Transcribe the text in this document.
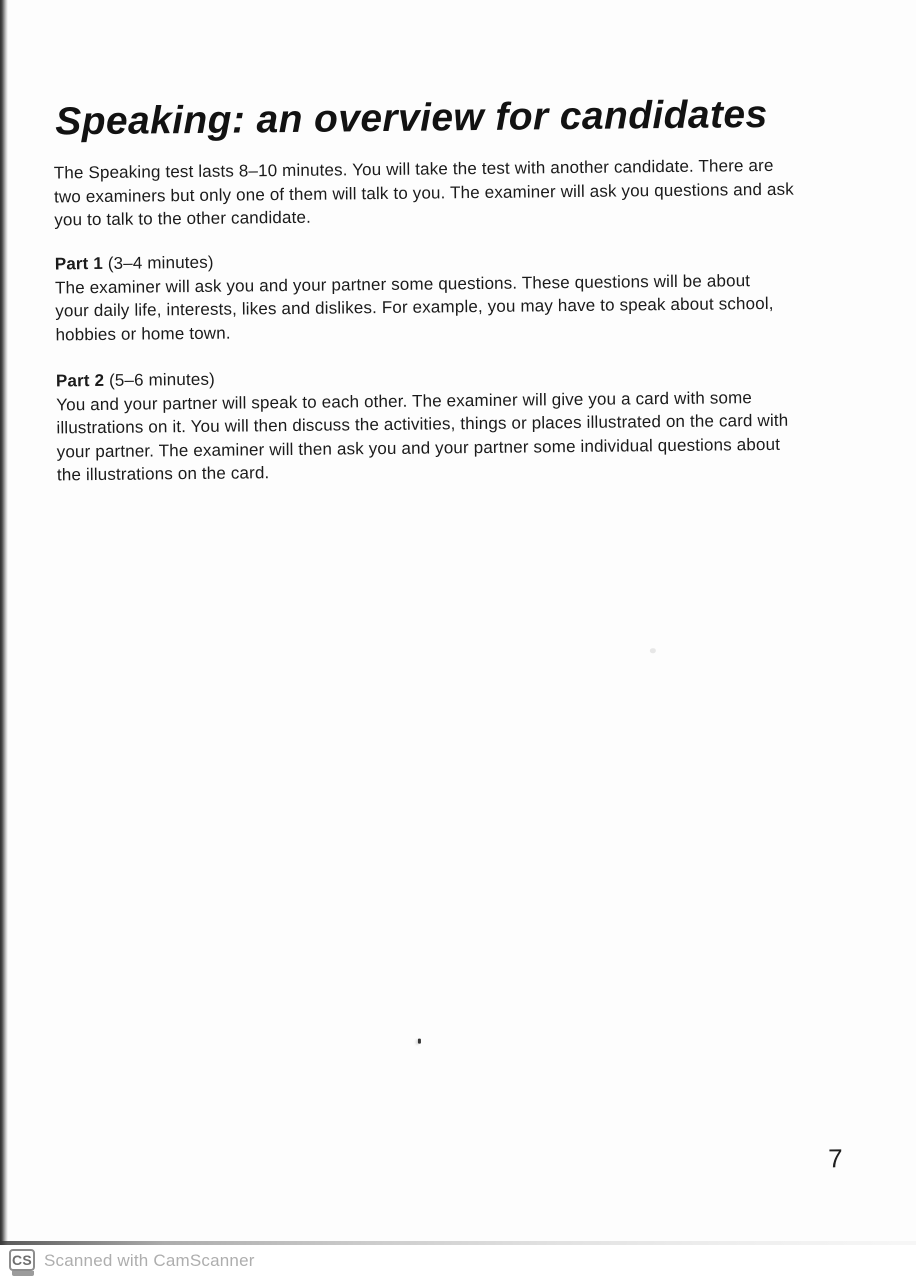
Speaking: an overview for candidates
The Speaking test lasts 8–10 minutes. You will take the test with another candidate. There are
two examiners but only one of them will talk to you. The examiner will ask you questions and ask
you to talk to the other candidate.
Part 1 (3–4 minutes)
The examiner will ask you and your partner some questions. These questions will be about
your daily life, interests, likes and dislikes. For example, you may have to speak about school,
hobbies or home town.
Part 2 (5–6 minutes)
You and your partner will speak to each other. The examiner will give you a card with some
illustrations on it. You will then discuss the activities, things or places illustrated on the card with
your partner. The examiner will then ask you and your partner some individual questions about
the illustrations on the card.
7
CS Scanned with CamScanner
